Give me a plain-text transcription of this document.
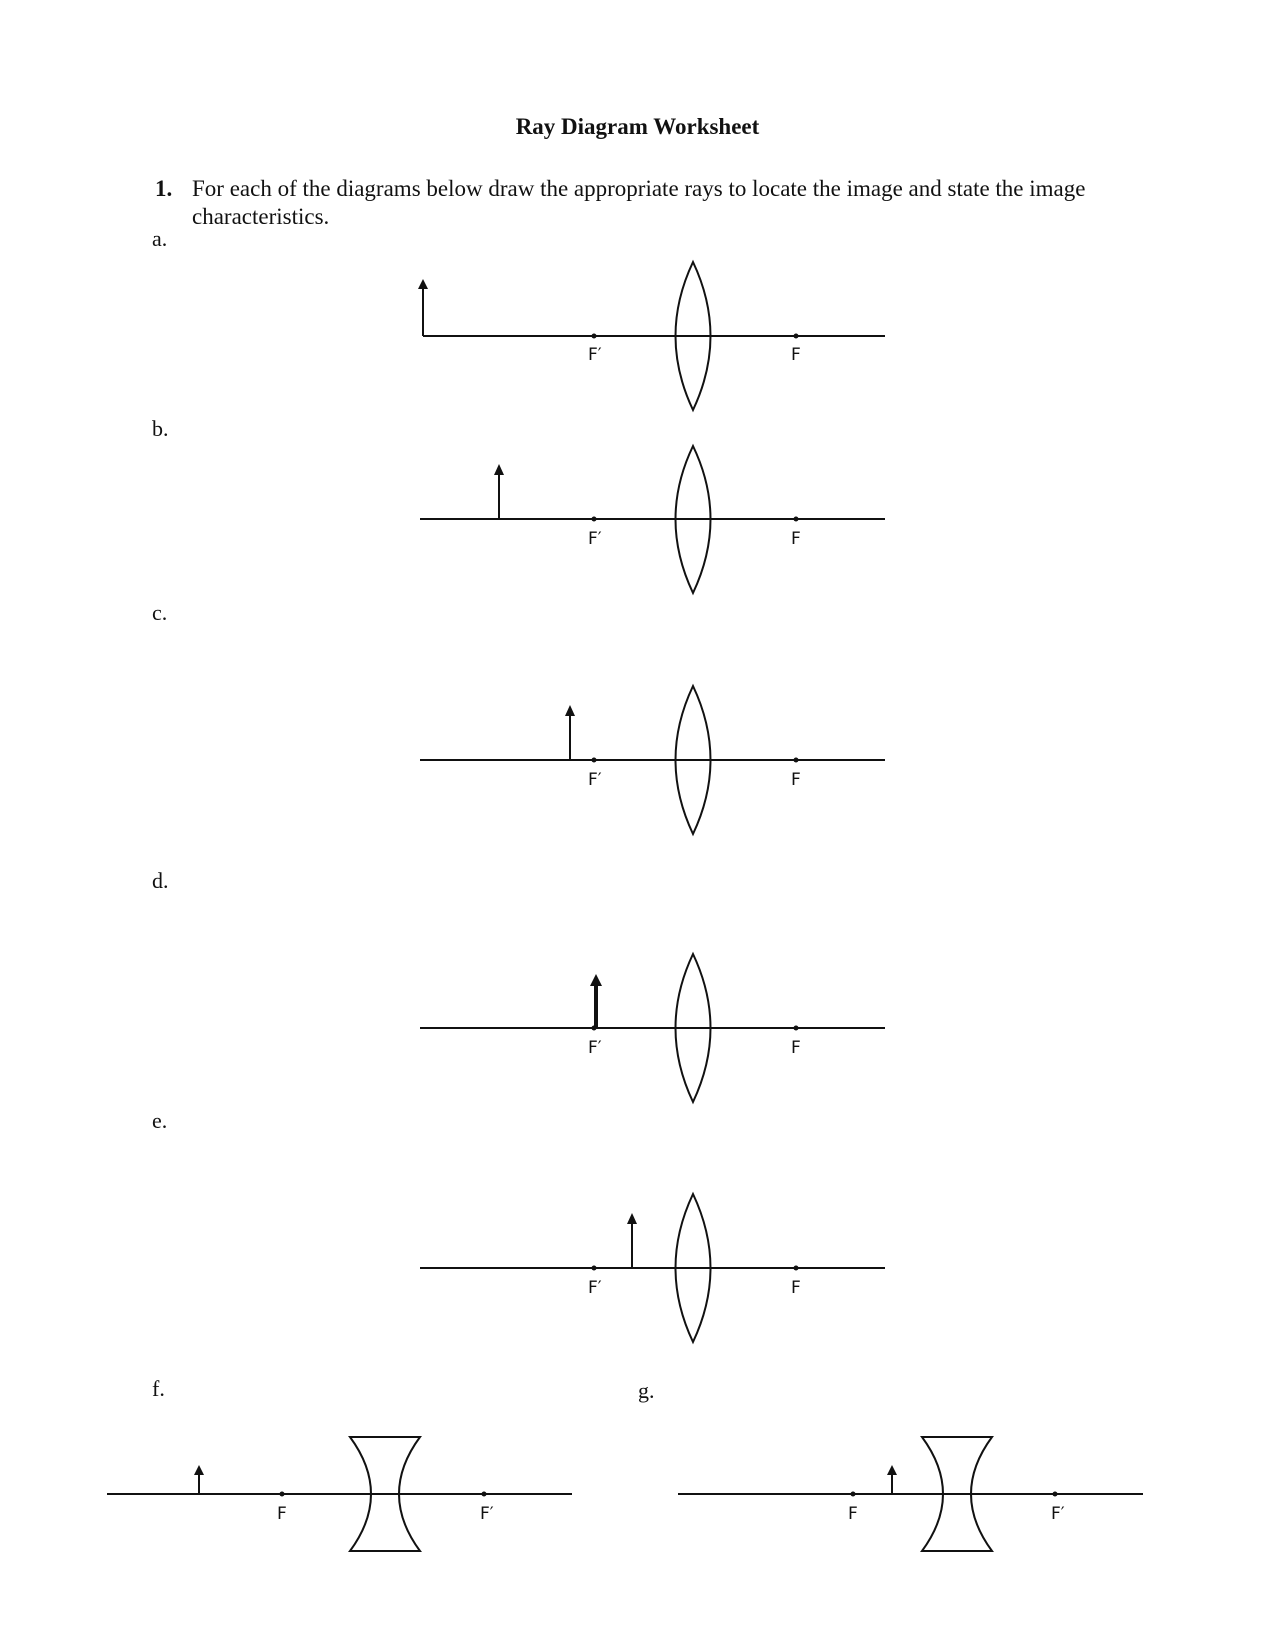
Ray Diagram Worksheet
1. For each of the diagrams below draw the appropriate rays to locate the image and state the image characteristics.
a.
F′	F
b.
F′	F
c.
F′	F
d.
F′	F
e.
F′	F
f.
F	F′
g.
F	F′
